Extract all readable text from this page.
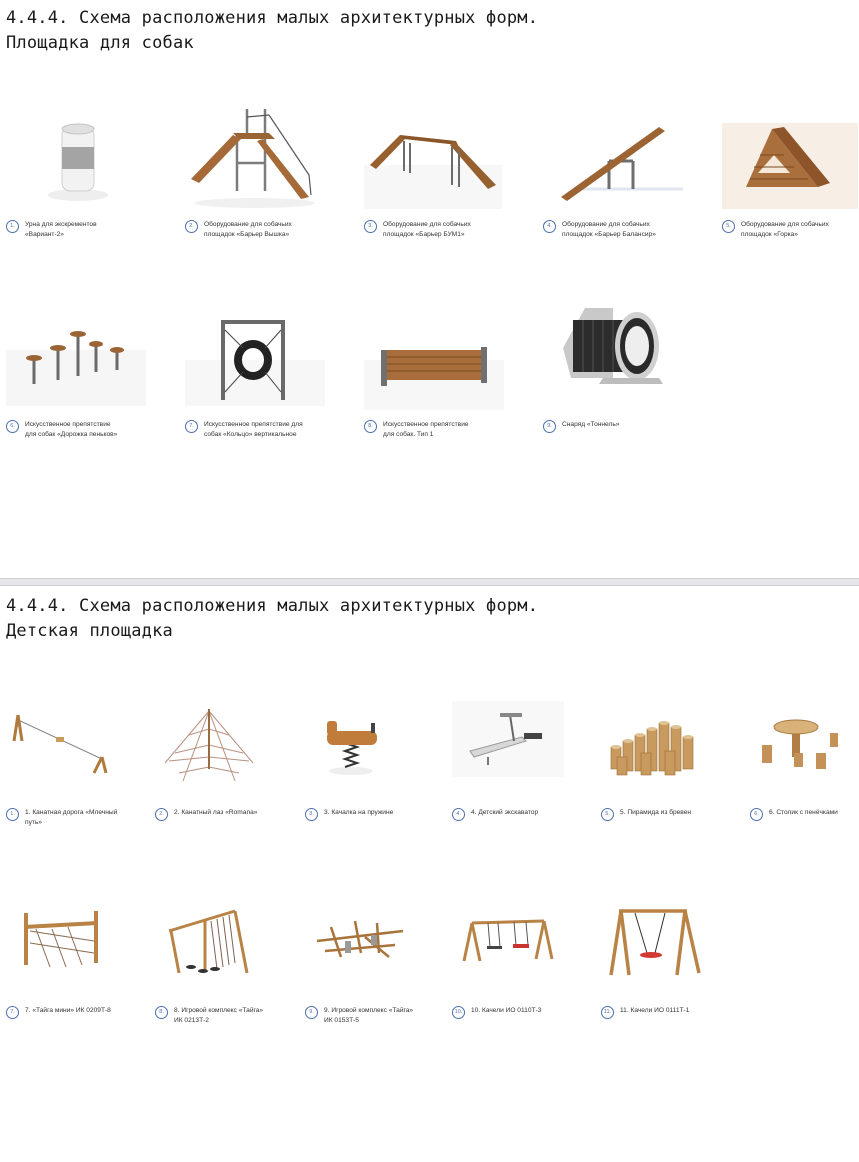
4.4.4. Схема расположения малых архитектурных форм.
Площадка для собак
1.	Урна для экскрементов
«Вариант-2»
2.	Оборудование для собачьих
площадок «Барьер Вышка»
3.	Оборудование для собачьих
площадок «Барьер БУМ1»
4.	Оборудование для собачьих
площадок «Барьер Балансир»
5.	Оборудование для собачьих
площадок «Горка»
6.	Искусственное препятствие
для собак «Дорожка пеньков»
7.	Искусственное препятствие для
собак «Кольцо» вертикальное
8.	Искусственное препятствие
для собак. Тип 1
9.	Снаряд «Тоннель»
4.4.4. Схема расположения малых архитектурных форм.
Детская площадка
1.	1. Канатная дорога «Млечный
путь»
2.	2. Канатный лаз «Romana»	3.	3. Качалка на пружине	4.	4. Детский экскаватор	5.	5. Пирамида из бревен	6.	6. Столик с пенёчками
7.	7. «Тайга мини» ИК 0209Т-8	8.	8. Игровой комплекс «Тайга»
ИК 0213Т-2
9.	9. Игровой комплекс «Тайга»
ИК 0153Т-5
10.	10. Качели ИО 0110Т-3	11.	11. Качели ИО 0111Т-1
